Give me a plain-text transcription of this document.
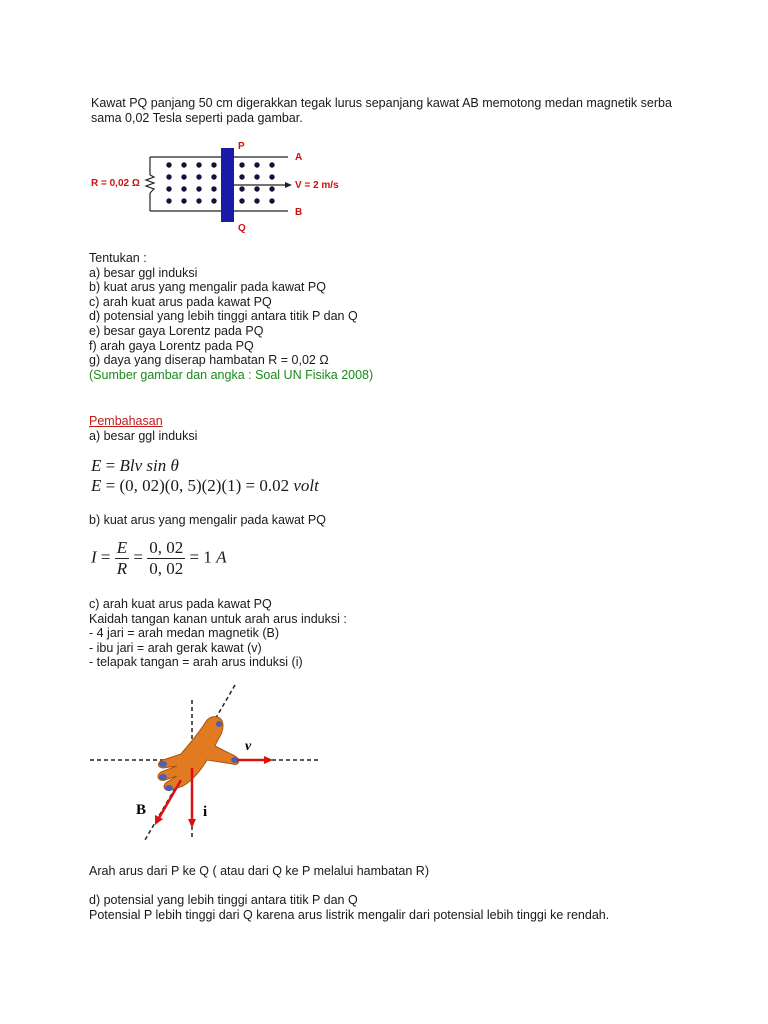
Kawat PQ panjang 50 cm digerakkan tegak lurus sepanjang kawat AB memotong medan magnetik serba
sama 0,02 Tesla seperti pada gambar.
P
Q
A
B
R = 0,02 Ω	V = 2 m/s
Tentukan :
a) besar ggl induksi
b) kuat arus yang mengalir pada kawat PQ
c) arah kuat arus pada kawat PQ
d) potensial yang lebih tinggi antara titik P dan Q
e) besar gaya Lorentz pada PQ
f) arah gaya Lorentz pada PQ
g) daya yang diserap hambatan R = 0,02 Ω
(Sumber gambar dan angka : Soal UN Fisika 2008)
Pembahasan
a) besar ggl induksi
E = Blv sin θ
E = (0, 02)(0, 5)(2)(1) = 0.02 volt
b) kuat arus yang mengalir pada kawat PQ
$I = \frac{E}{R} = \frac{0, 02}{0, 02} = 1$ A
c) arah kuat arus pada kawat PQ
Kaidah tangan kanan untuk arah arus induksi :
- 4 jari = arah medan magnetik (B)
- ibu jari = arah gerak kawat (v)
- telapak tangan = arah arus induksi (i)
v
B	i
Arah arus dari P ke Q ( atau dari Q ke P melalui hambatan R)
d) potensial yang lebih tinggi antara titik P dan Q
Potensial P lebih tinggi dari Q karena arus listrik mengalir dari potensial lebih tinggi ke rendah.
